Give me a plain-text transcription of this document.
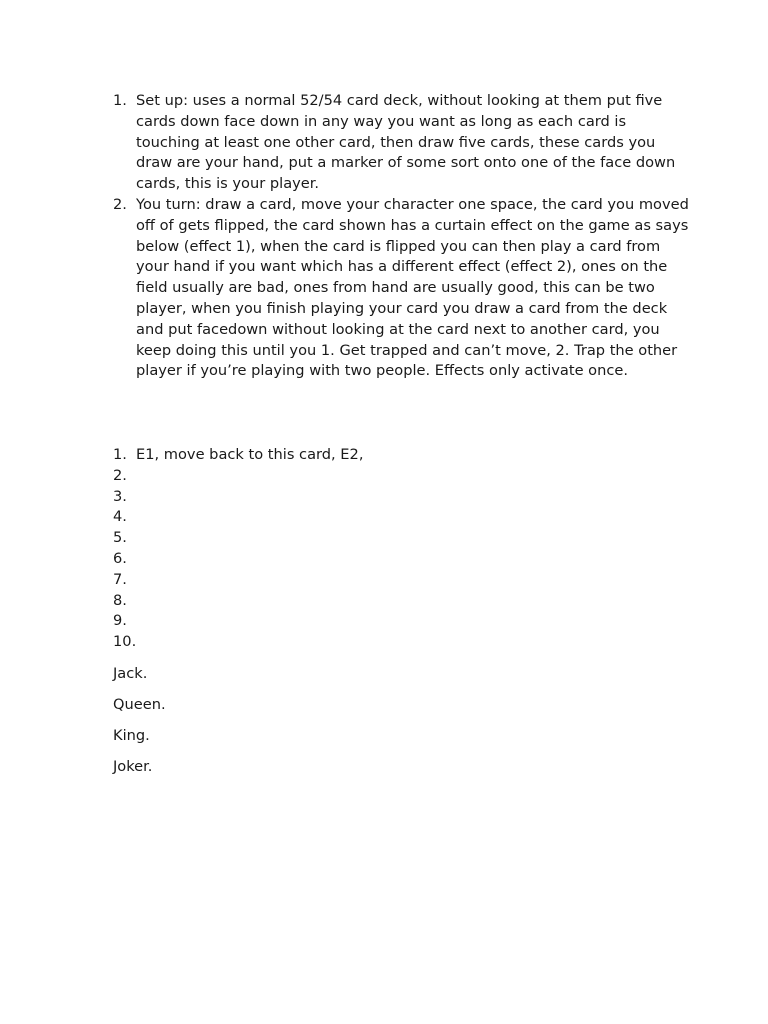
1. Set up: uses a normal 52/54 card deck, without looking at them put five cards down face down in any way you want as long as each card is touching at least one other card, then draw five cards, these cards you draw are your hand, put a marker of some sort onto one of the face down cards, this is your player.
2. You turn: draw a card, move your character one space, the card you moved off of gets flipped, the card shown has a curtain effect on the game as says below (effect 1), when the card is flipped you can then play a card from your hand if you want which has a different effect (effect 2), ones on the field usually are bad, ones from hand are usually good, this can be two player, when you finish playing your card you draw a card from the deck and put facedown without looking at the card next to another card, you keep doing this until you 1. Get trapped and can’t move, 2. Trap the other player if you’re playing with two people. Effects only activate once.
1. E1, move back to this card, E2,
2.
3.
4.
5.
6.
7.
8.
9.
10.

Jack.

Queen.

King.

Joker.
